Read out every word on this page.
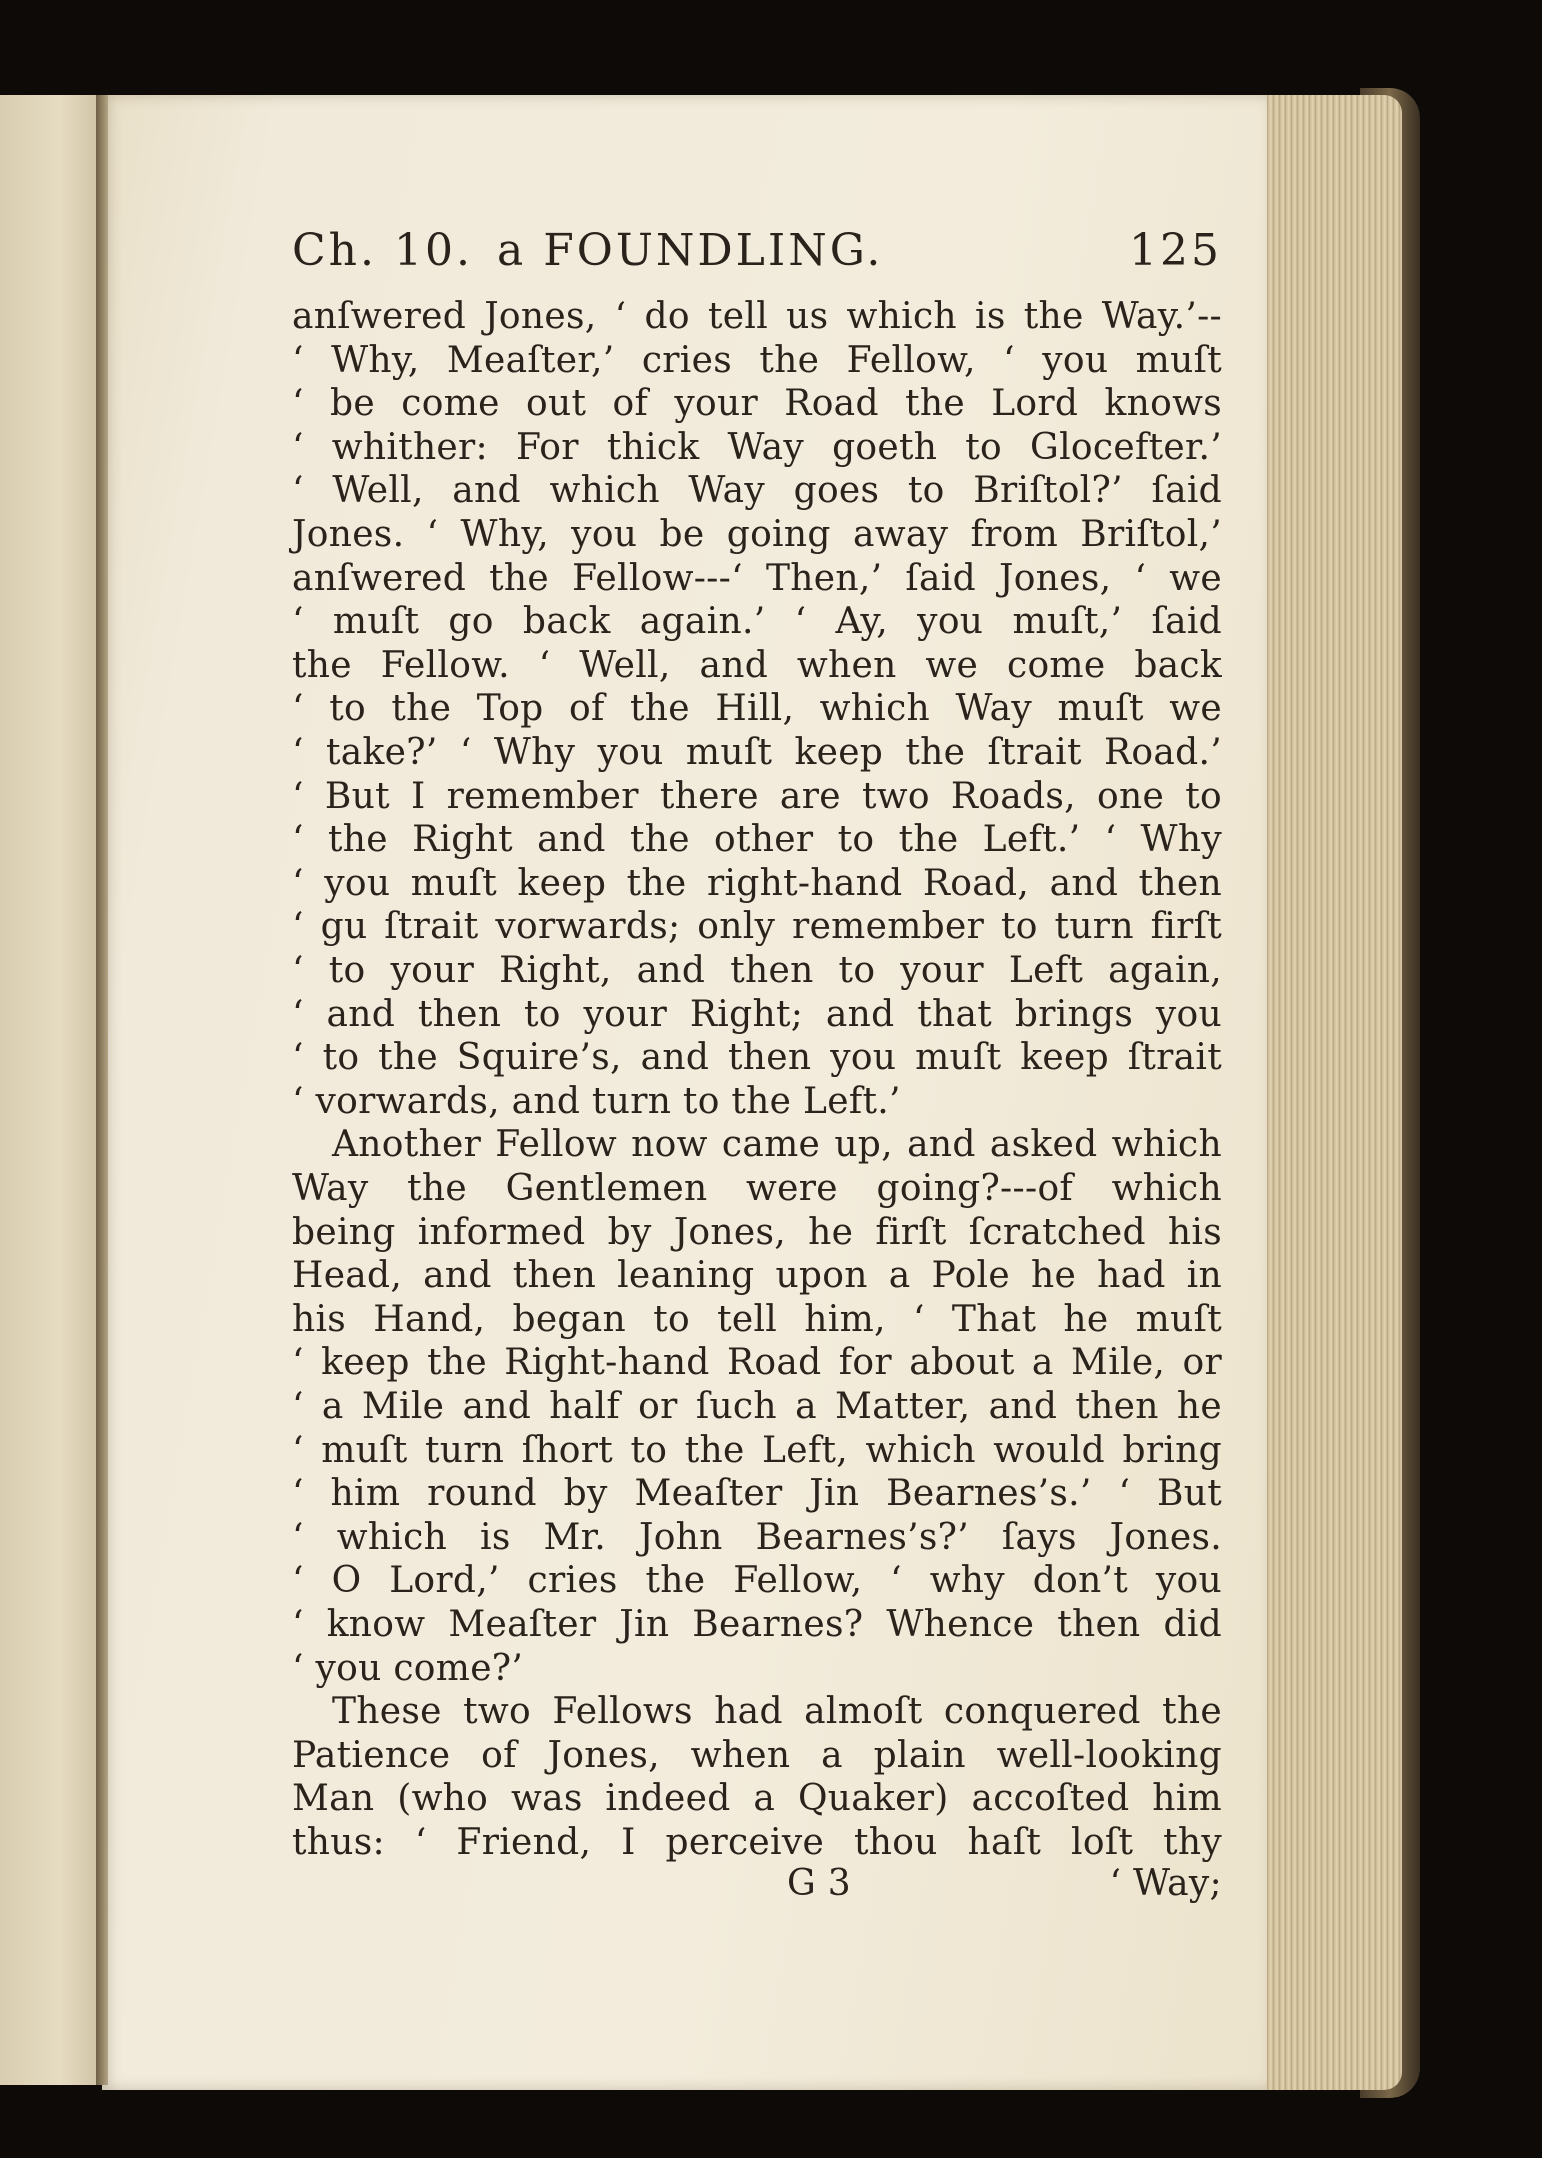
Ch. 10. a FOUNDLING.	125
anſwered Jones, ‘ do tell us which is the Way.’--
‘ Why, Meaſter,’ cries the Fellow, ‘ you muſt
‘ be come out of your Road the Lord knows
‘ whither: For thick Way goeth to Glocefter.’
‘ Well, and which Way goes to Briſtol?’ ſaid
Jones. ‘ Why, you be going away from Briſtol,’
anſwered the Fellow---‘ Then,’ ſaid Jones, ‘ we
‘ muſt go back again.’ ‘ Ay, you muſt,’ ſaid
the Fellow. ‘ Well, and when we come back
‘ to the Top of the Hill, which Way muſt we
‘ take?’ ‘ Why you muſt keep the ſtrait Road.’
‘ But I remember there are two Roads, one to
‘ the Right and the other to the Left.’ ‘ Why
‘ you muſt keep the right-hand Road, and then
‘ gu ſtrait vorwards; only remember to turn firſt
‘ to your Right, and then to your Left again,
‘ and then to your Right; and that brings you
‘ to the Squire’s, and then you muſt keep ſtrait
‘ vorwards, and turn to the Left.’
Another Fellow now came up, and asked which
Way the Gentlemen were going?---of which
being informed by Jones, he firſt ſcratched his
Head, and then leaning upon a Pole he had in
his Hand, began to tell him, ‘ That he muſt
‘ keep the Right-hand Road for about a Mile, or
‘ a Mile and half or ſuch a Matter, and then he
‘ muſt turn ſhort to the Left, which would bring
‘ him round by Meaſter Jin Bearnes’s.’ ‘ But
‘ which is Mr. John Bearnes’s?’ ſays Jones.
‘ O Lord,’ cries the Fellow, ‘ why don’t you
‘ know Meaſter Jin Bearnes? Whence then did
‘ you come?’
These two Fellows had almoſt conquered the
Patience of Jones, when a plain well-looking
Man (who was indeed a Quaker) accoſted him
thus: ‘ Friend, I perceive thou haſt loſt thy
G 3	‘ Way;
